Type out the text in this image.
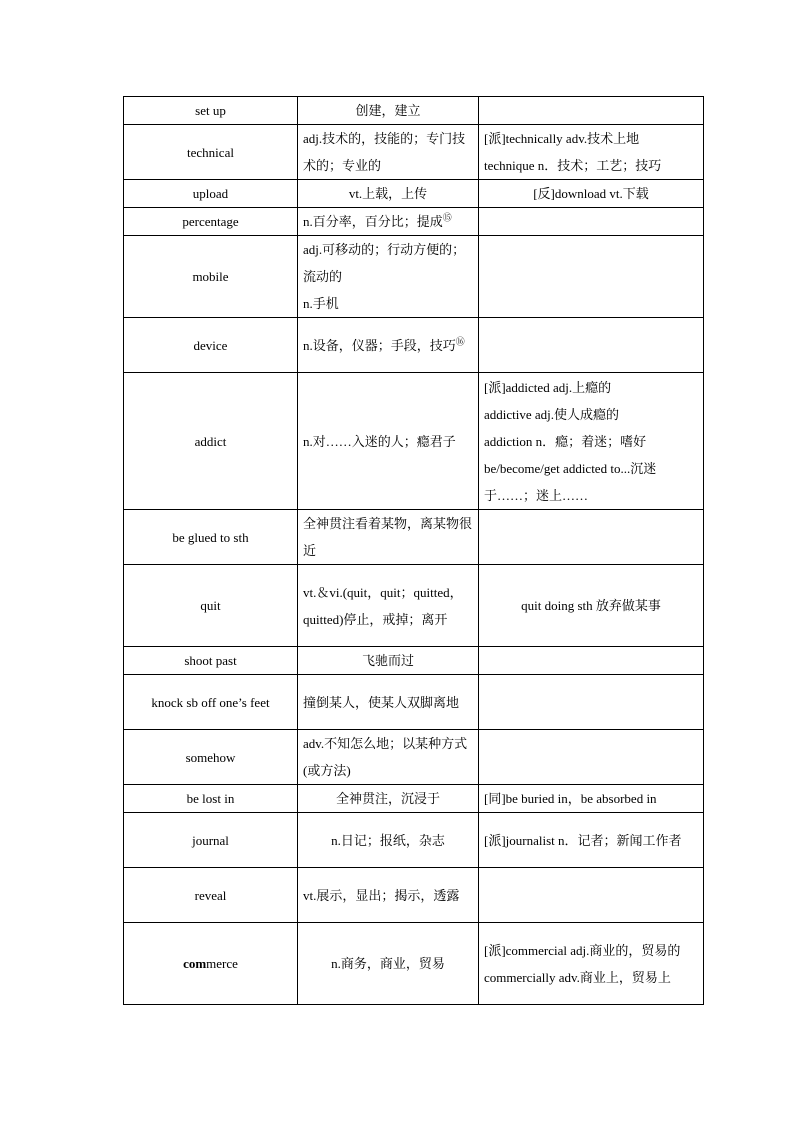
set up	创建，建立	
technical	adj.技术的，技能的；专门技术的；专业的	[派]technically adv.技术上地
technique n．技术；工艺；技巧

upload	vt.上载，上传	[反]download vt.下载

percentage	n.百分率，百分比；提成⑮	
mobile	adj.可移动的；行动方便的；流动的
n.手机	

device	n.设备，仪器；手段，技巧⑯	
addict	n.对……入迷的人；瘾君子	[派]addicted adj.上瘾的
addictive adj.使人成瘾的
addiction n．瘾；着迷；嗜好
be/become/get addicted to...沉迷于……；迷上……

be glued to sth	全神贯注看着某物，离某物很近	
quit	vt.＆vi.(quit，quit；quitted，quitted)停止，戒掉；离开	quit doing sth 放弃做某事

shoot past	飞驰而过	
knock sb off one’s feet	撞倒某人，使某人双脚离地	
somehow	adv.不知怎么地；以某种方式(或方法)	
be lost in	全神贯注，沉浸于	[同]be buried in，be absorbed in

journal	n.日记；报纸，杂志	[派]journalist n．记者；新闻工作者

reveal	vt.展示，显出；揭示，透露	
commerce	n.商务，商业，贸易	[派]commercial adj.商业的，贸易的
commercially adv.商业上，贸易上
